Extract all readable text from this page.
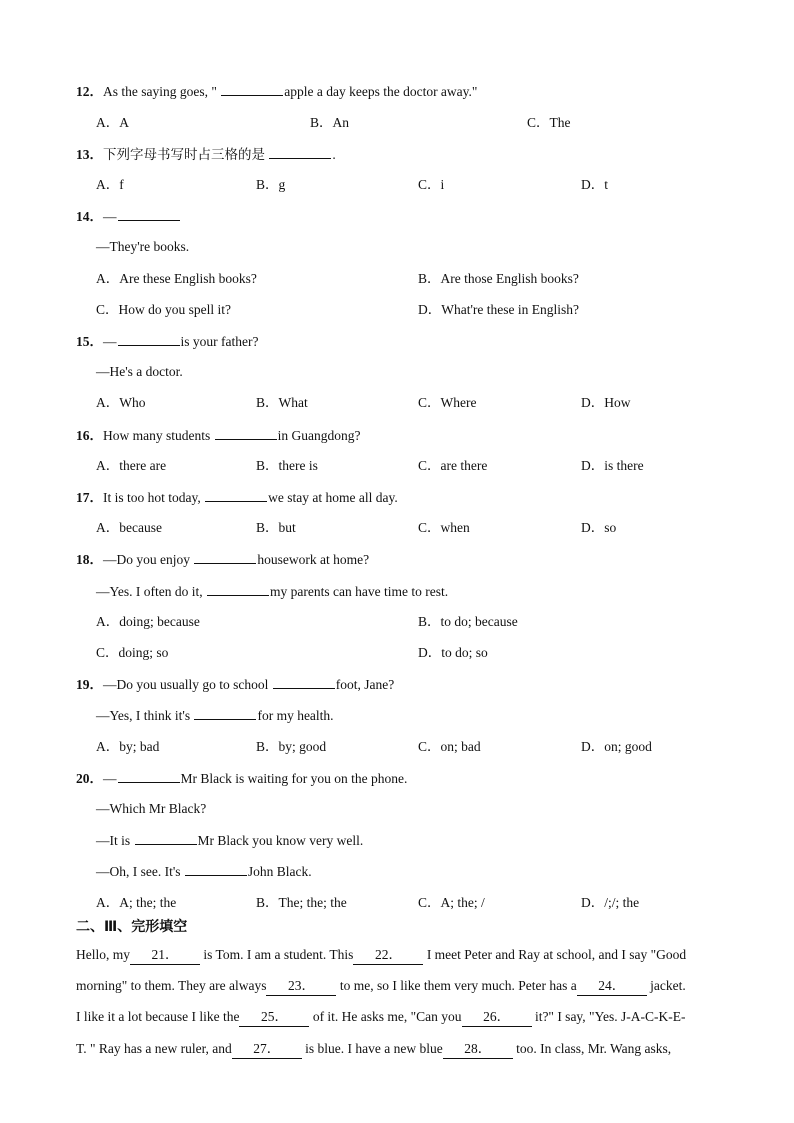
12．As the saying goes, "	apple a day keeps the doctor away."
A．A	B．An	C．The
13．下列字母书写时占三格的是	.
A．f	B．g	C．i	D．t
14．—
—They're books.
A．Are these English books?	B．Are those English books?
C．How do you spell it?	D．What're these in English?
15．—	is your father?
—He's a doctor.
A．Who	B．What	C．Where	D．How
16．How many students	in Guangdong?
A．there are	B．there is	C．are there	D．is there
17．It is too hot today,	we stay at home all day.
A．because	B．but	C．when	D．so
18．—Do you enjoy	housework at home?
—Yes. I often do it,	my parents can have time to rest.
A．doing; because	B．to do; because
C．doing; so	D．to do; so
19．—Do you usually go to school	foot, Jane?
—Yes, I think it's	for my health.
A．by; bad	B．by; good	C．on; bad	D．on; good
20．—	Mr Black is waiting for you on the phone.
—Which Mr Black?
—It is	Mr Black you know very well.
—Oh, I see. It's	John Black.
A．A; the; the	B．The; the; the	C．A; the; /	D．/;/; the
二、Ⅲ、完形填空
Hello, my 21． is Tom. I am a student. This 22． I meet Peter and Ray at school, and I say "Good
morning" to them. They are always 23． to me, so I like them very much. Peter has a 24． jacket.
I like it a lot because I like the 25． of it. He asks me, "Can you 26． it?" I say, "Yes. J-A-C-K-E-
T. " Ray has a new ruler, and 27． is blue. I have a new blue 28． too. In class, Mr. Wang asks,
